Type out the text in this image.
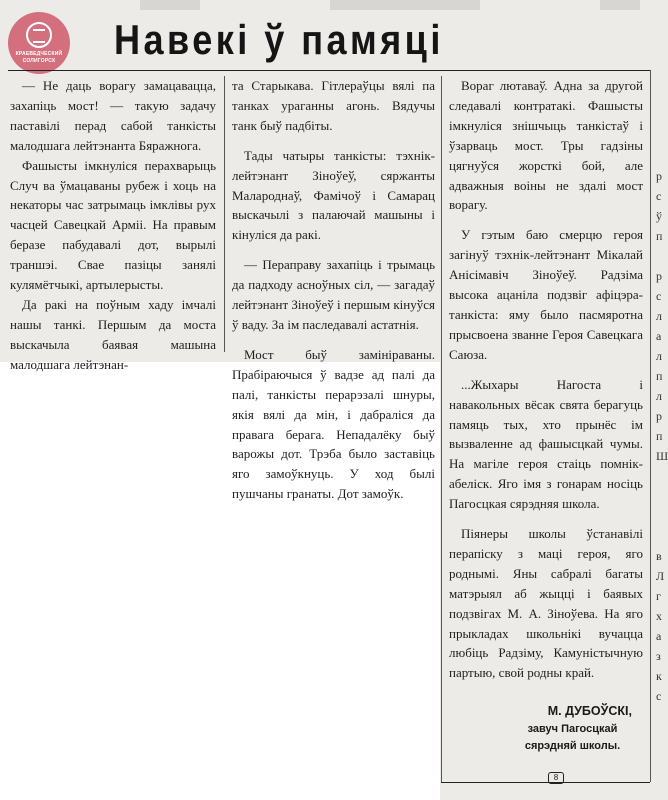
КРАЕВЕДЧЕСКИЙ
СОЛИГОРСК Навекі ў памяці

— Не даць ворагу замацавацца, захапіць мост! — такую задачу паставілі перад сабой танкісты малодшага лейтэнанта Бяражнога.

Фашысты імкнуліся перахварыць Случ ва ўмацаваны рубеж і хоць на некаторы час затрымаць імклівы рух часцей Савецкай Арміі. На правым беразе пабудавалі дот, вырылі траншэі. Свае пазіцы занялі кулямётчыкі, артылерысты.

Да ракі на поўным хаду імчалі нашы танкі. Першым да моста выскачыла баявая машына малодшага лейтэнан-

та Старыкава. Гітлераўцы вялі па танках ураганны агонь. Вядучы танк быў падбіты.

Тады чатыры танкісты: тэхнік-лейтэнант Зіноўеў, сяржанты Малароднаў, Фамічоў і Самарац выскачылі з палаючай машыны і кінуліся да ракі.

— Пераправу захапіць і трымаць да падходу асноўных сіл, — загадаў лейтэнант Зіноўеў і першым кінуўся ў ваду. За ім паследавалі астатнія.

Мост быў замініраваны. Прабіраючыся ў вадзе ад палі да палі, танкісты перарэзалі шнуры, якія вялі да мін, і дабраліся да правага берага. Непадалёку быў варожы дот. Трэба было заставіць яго замоўкнуць. У ход былі пушчаны гранаты. Дот замоўк.

Вораг лютаваў. Адна за другой следавалі контратакі. Фашысты імкнуліся знішчыць танкістаў і ўзарваць мост. Тры гадзіны цягнуўся жорсткі бой, але адважныя воіны не здалі мост ворагу.

У гэтым баю смерцю героя загінуў тэхнік-лейтэнант Мікалай Анісімавіч Зіноўеў. Радзіма высока ацаніла подзвіг афіцэра-танкіста: яму было пасмяротна прысвоена званне Героя Савецкага Саюза.

...Жыхары Нагоста і навакольных вёсак свята берагуць памяць тых, хто прынёс ім вызваленне ад фашысцкай чумы. На магіле героя стаіць помнік-абеліск. Яго імя з гонарам носіць Пагосцкая сярэдняя школа.

Піянеры школы ўстанавілі перапіску з маці героя, яго роднымі. Яны сабралі багаты матэрыял аб жыцці і баявых подзвігах М. А. Зіноўева. На яго прыкладах школьнікі вучацца любіць Радзіму, Камуністычную партыю, свой родны край.

М. ДУБОЎСКІ,
завуч Пагосцкай
сярэдняй школы.
8
р
с
ў
п
р
с
л
а
л
п
л
р
п
Ш
в
Л
г
х
а
з
к
с
